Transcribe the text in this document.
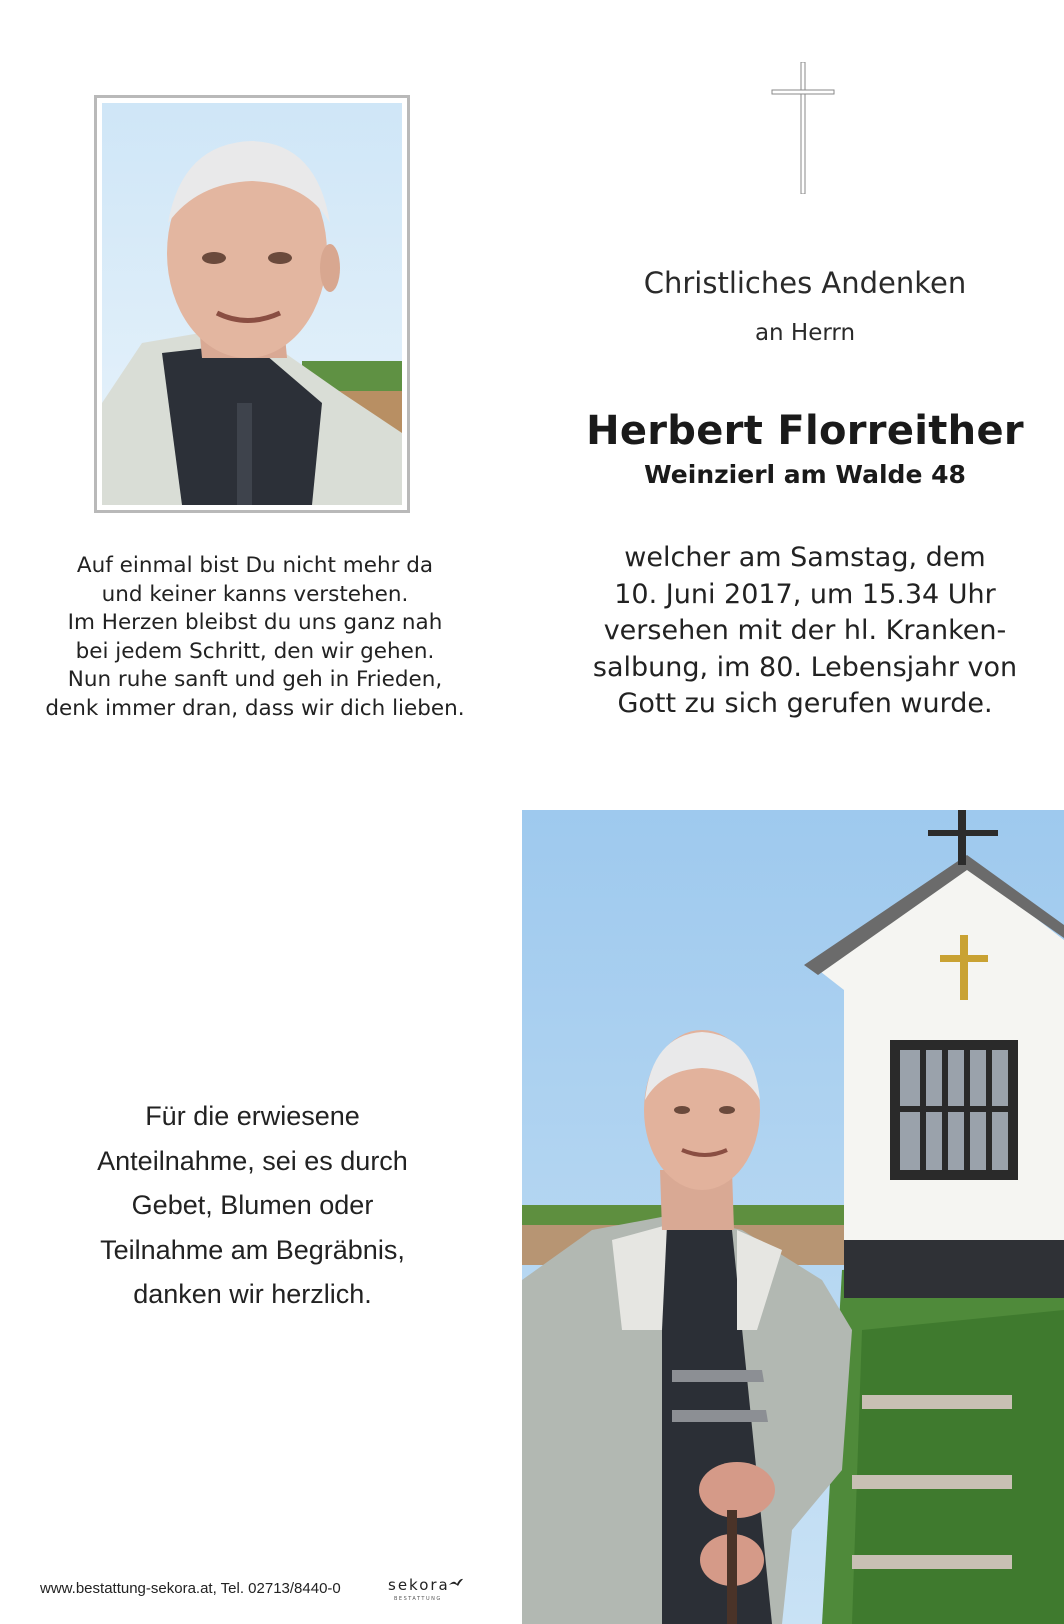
Christliches Andenken
an Herrn
Herbert Florreither
Weinzierl am Walde 48
welcher am Samstag, dem
10. Juni 2017, um 15.34 Uhr
versehen mit der hl. Kranken-
salbung, im 80. Lebensjahr von
Gott zu sich gerufen wurde.
Auf einmal bist Du nicht mehr da
und keiner kanns verstehen.
Im Herzen bleibst du uns ganz nah
bei jedem Schritt, den wir gehen.
Nun ruhe sanft und geh in Frieden,
denk immer dran, dass wir dich lieben.
Für die erwiesene
Anteilnahme, sei es durch
Gebet, Blumen oder
Teilnahme am Begräbnis,
danken wir herzlich.
www.bestattung-sekora.at, Tel. 02713/8440-0	sekora
BESTATTUNG
